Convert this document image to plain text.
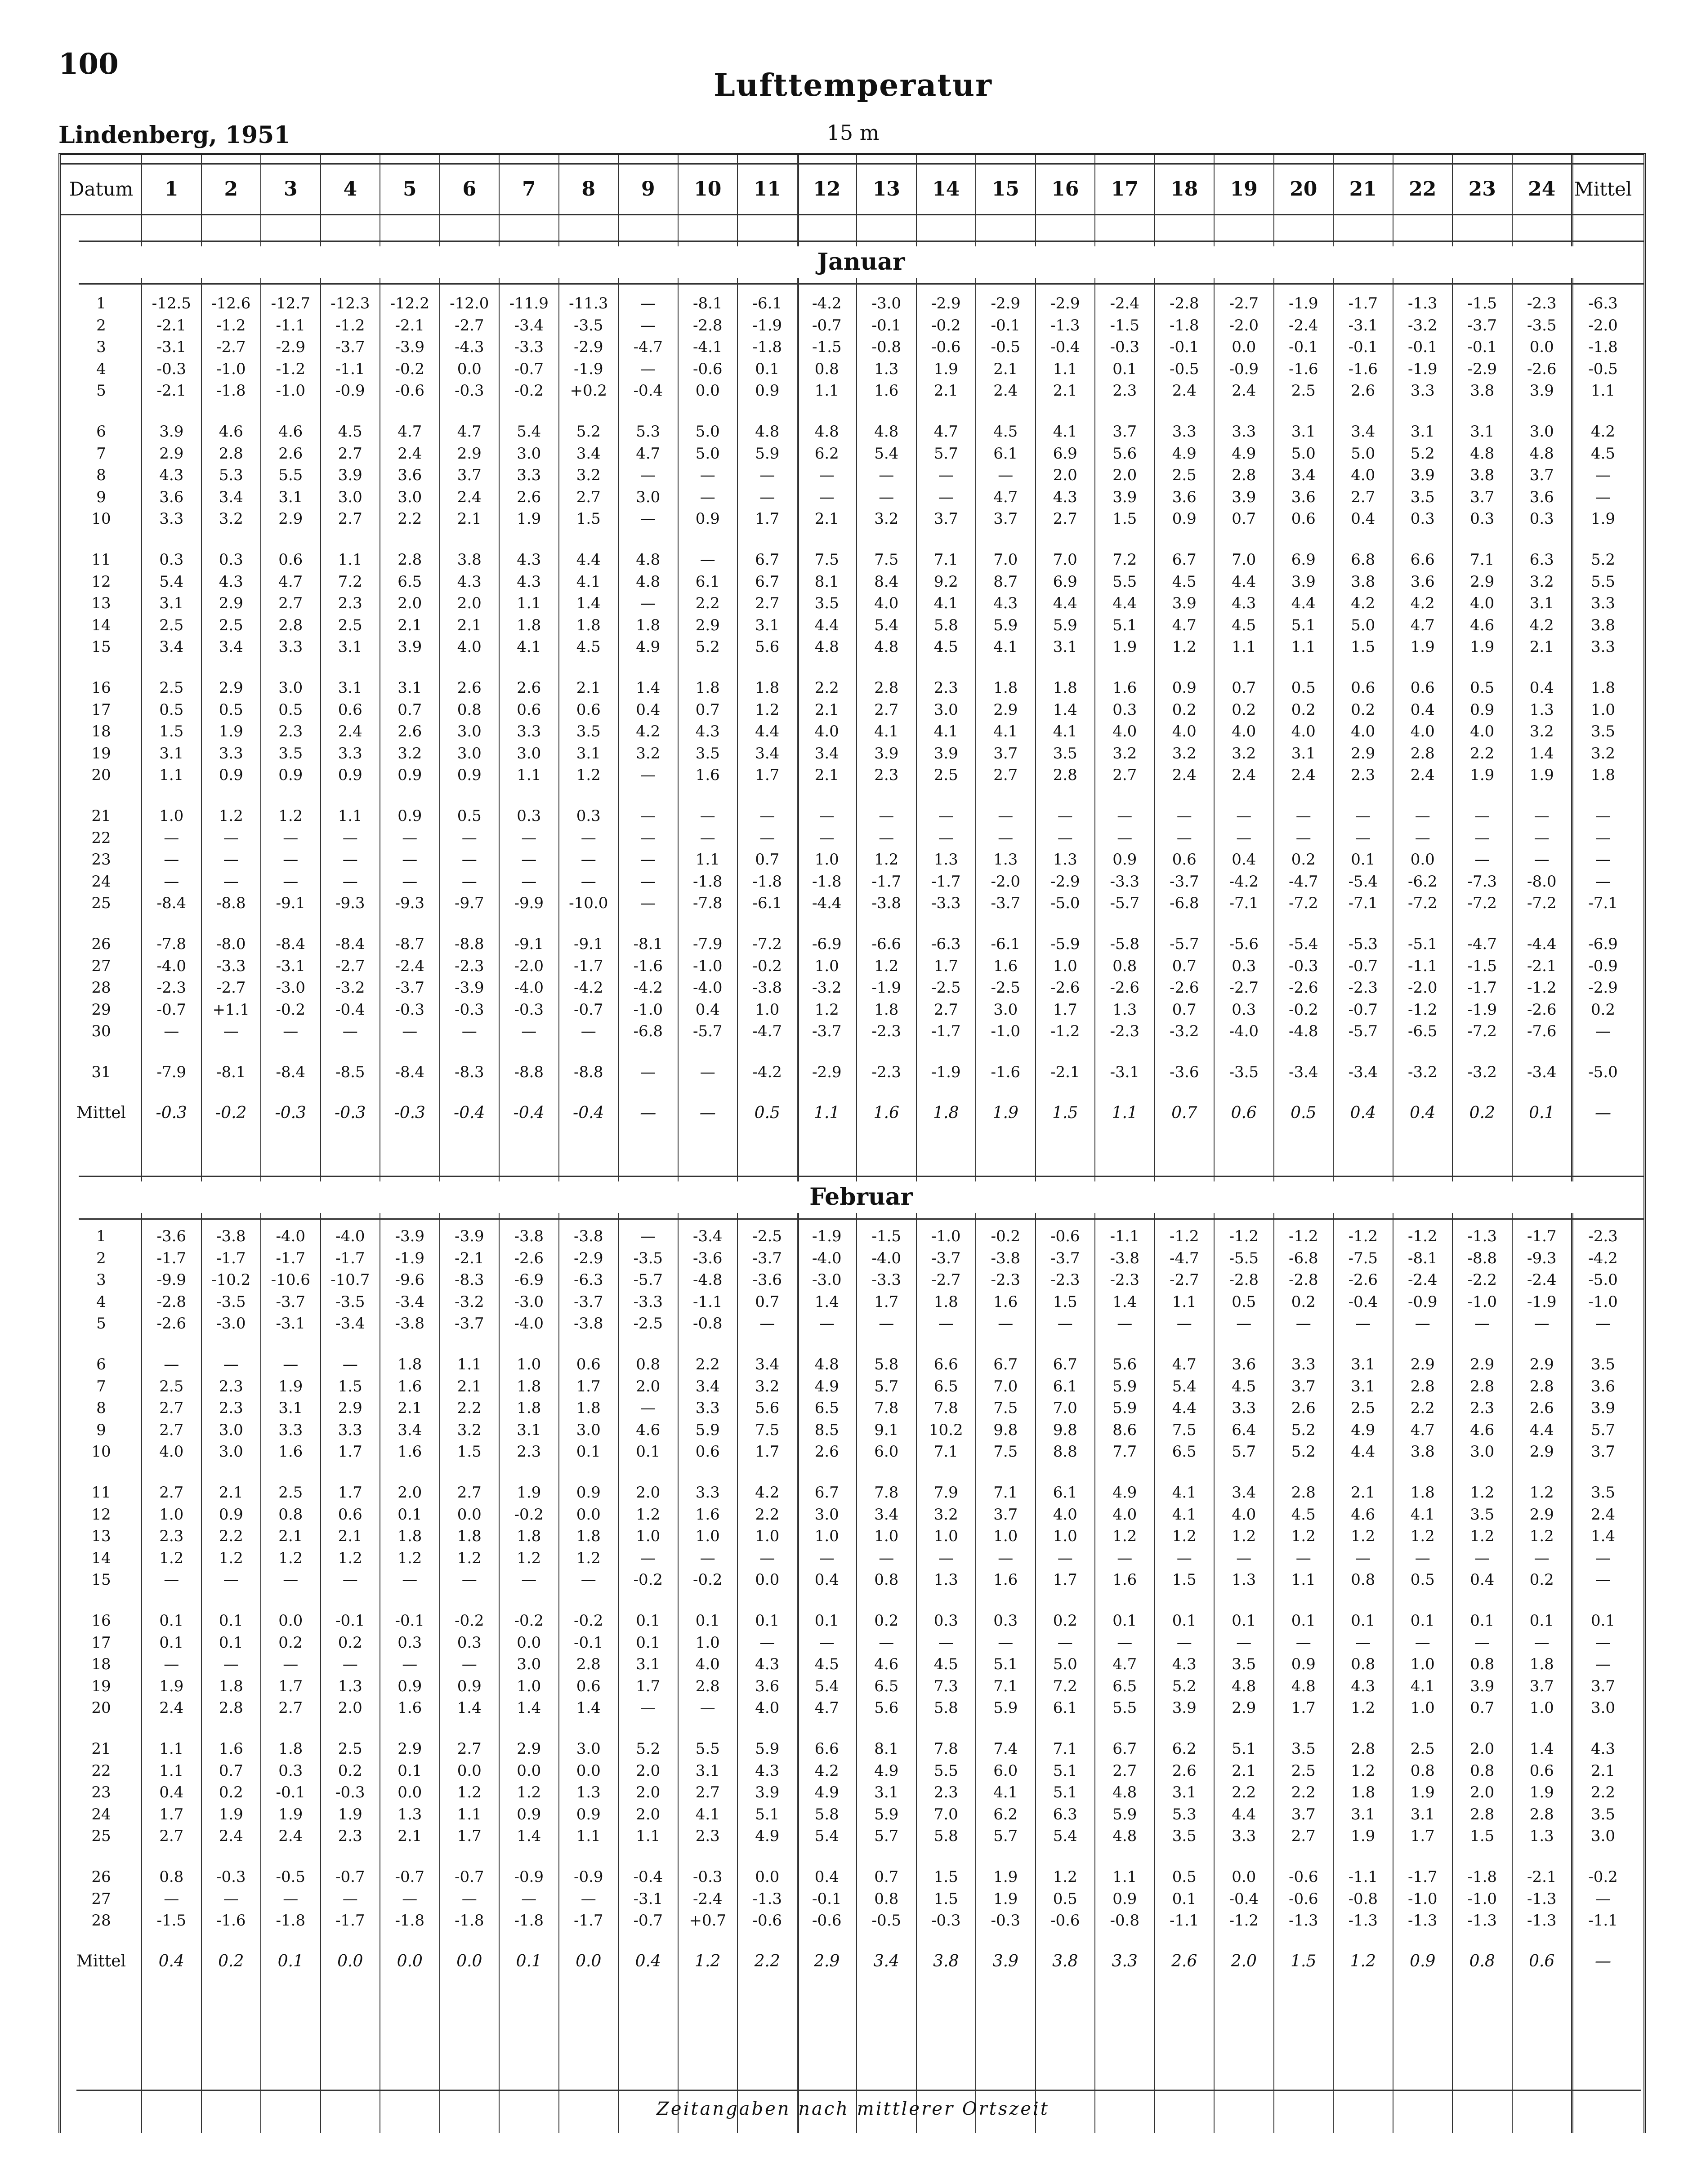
100
Lufttemperatur
Lindenberg, 1951	15 m
Datum	1	2	3	4	5	6	7	8	9	10	11	12	13	14	15	16	17	18	19	20	21	22	23	24 Mittel
Januar
1	-12.5	-12.6	-12.7	-12.3	-12.2	-12.0	-11.9	-11.3	—	-8.1	-6.1	-4.2	-3.0	-2.9	-2.9	-2.9	-2.4	-2.8	-2.7	-1.9	-1.7	-1.3	-1.5	-2.3	-6.3
2	-2.1	-1.2	-1.1	-1.2	-2.1	-2.7	-3.4	-3.5	—	-2.8	-1.9	-0.7	-0.1	-0.2	-0.1	-1.3	-1.5	-1.8	-2.0	-2.4	-3.1	-3.2	-3.7	-3.5	-2.0
3	-3.1	-2.7	-2.9	-3.7	-3.9	-4.3	-3.3	-2.9	-4.7	-4.1	-1.8	-1.5	-0.8	-0.6	-0.5	-0.4	-0.3	-0.1	0.0	-0.1	-0.1	-0.1	-0.1	0.0	-1.8
4	-0.3	-1.0	-1.2	-1.1	-0.2	0.0	-0.7	-1.9	—	-0.6	0.1	0.8	1.3	1.9	2.1	1.1	0.1	-0.5	-0.9	-1.6	-1.6	-1.9	-2.9	-2.6	-0.5
5	-2.1	-1.8	-1.0	-0.9	-0.6	-0.3	-0.2	+0.2	-0.4	0.0	0.9	1.1	1.6	2.1	2.4	2.1	2.3	2.4	2.4	2.5	2.6	3.3	3.8	3.9	1.1
6	3.9	4.6	4.6	4.5	4.7	4.7	5.4	5.2	5.3	5.0	4.8	4.8	4.8	4.7	4.5	4.1	3.7	3.3	3.3	3.1	3.4	3.1	3.1	3.0	4.2
7	2.9	2.8	2.6	2.7	2.4	2.9	3.0	3.4	4.7	5.0	5.9	6.2	5.4	5.7	6.1	6.9	5.6	4.9	4.9	5.0	5.0	5.2	4.8	4.8	4.5
8	4.3	5.3	5.5	3.9	3.6	3.7	3.3	3.2	—	—	—	—	—	—	—	2.0	2.0	2.5	2.8	3.4	4.0	3.9	3.8	3.7	—
9	3.6	3.4	3.1	3.0	3.0	2.4	2.6	2.7	3.0	—	—	—	—	—	4.7	4.3	3.9	3.6	3.9	3.6	2.7	3.5	3.7	3.6	—
10	3.3	3.2	2.9	2.7	2.2	2.1	1.9	1.5	—	0.9	1.7	2.1	3.2	3.7	3.7	2.7	1.5	0.9	0.7	0.6	0.4	0.3	0.3	0.3	1.9
11	0.3	0.3	0.6	1.1	2.8	3.8	4.3	4.4	4.8	—	6.7	7.5	7.5	7.1	7.0	7.0	7.2	6.7	7.0	6.9	6.8	6.6	7.1	6.3	5.2
12	5.4	4.3	4.7	7.2	6.5	4.3	4.3	4.1	4.8	6.1	6.7	8.1	8.4	9.2	8.7	6.9	5.5	4.5	4.4	3.9	3.8	3.6	2.9	3.2	5.5
13	3.1	2.9	2.7	2.3	2.0	2.0	1.1	1.4	—	2.2	2.7	3.5	4.0	4.1	4.3	4.4	4.4	3.9	4.3	4.4	4.2	4.2	4.0	3.1	3.3
14	2.5	2.5	2.8	2.5	2.1	2.1	1.8	1.8	1.8	2.9	3.1	4.4	5.4	5.8	5.9	5.9	5.1	4.7	4.5	5.1	5.0	4.7	4.6	4.2	3.8
15	3.4	3.4	3.3	3.1	3.9	4.0	4.1	4.5	4.9	5.2	5.6	4.8	4.8	4.5	4.1	3.1	1.9	1.2	1.1	1.1	1.5	1.9	1.9	2.1	3.3
16	2.5	2.9	3.0	3.1	3.1	2.6	2.6	2.1	1.4	1.8	1.8	2.2	2.8	2.3	1.8	1.8	1.6	0.9	0.7	0.5	0.6	0.6	0.5	0.4	1.8
17	0.5	0.5	0.5	0.6	0.7	0.8	0.6	0.6	0.4	0.7	1.2	2.1	2.7	3.0	2.9	1.4	0.3	0.2	0.2	0.2	0.2	0.4	0.9	1.3	1.0
18	1.5	1.9	2.3	2.4	2.6	3.0	3.3	3.5	4.2	4.3	4.4	4.0	4.1	4.1	4.1	4.1	4.0	4.0	4.0	4.0	4.0	4.0	4.0	3.2	3.5
19	3.1	3.3	3.5	3.3	3.2	3.0	3.0	3.1	3.2	3.5	3.4	3.4	3.9	3.9	3.7	3.5	3.2	3.2	3.2	3.1	2.9	2.8	2.2	1.4	3.2
20	1.1	0.9	0.9	0.9	0.9	0.9	1.1	1.2	—	1.6	1.7	2.1	2.3	2.5	2.7	2.8	2.7	2.4	2.4	2.4	2.3	2.4	1.9	1.9	1.8
21	1.0	1.2	1.2	1.1	0.9	0.5	0.3	0.3	—	—	—	—	—	—	—	—	—	—	—	—	—	—	—	—	—
22	—	—	—	—	—	—	—	—	—	—	—	—	—	—	—	—	—	—	—	—	—	—	—	—	—
23	—	—	—	—	—	—	—	—	—	1.1	0.7	1.0	1.2	1.3	1.3	1.3	0.9	0.6	0.4	0.2	0.1	0.0	—	—	—
24	—	—	—	—	—	—	—	—	—	-1.8	-1.8	-1.8	-1.7	-1.7	-2.0	-2.9	-3.3	-3.7	-4.2	-4.7	-5.4	-6.2	-7.3	-8.0	—
25	-8.4	-8.8	-9.1	-9.3	-9.3	-9.7	-9.9	-10.0	—	-7.8	-6.1	-4.4	-3.8	-3.3	-3.7	-5.0	-5.7	-6.8	-7.1	-7.2	-7.1	-7.2	-7.2	-7.2	-7.1
26	-7.8	-8.0	-8.4	-8.4	-8.7	-8.8	-9.1	-9.1	-8.1	-7.9	-7.2	-6.9	-6.6	-6.3	-6.1	-5.9	-5.8	-5.7	-5.6	-5.4	-5.3	-5.1	-4.7	-4.4	-6.9
27	-4.0	-3.3	-3.1	-2.7	-2.4	-2.3	-2.0	-1.7	-1.6	-1.0	-0.2	1.0	1.2	1.7	1.6	1.0	0.8	0.7	0.3	-0.3	-0.7	-1.1	-1.5	-2.1	-0.9
28	-2.3	-2.7	-3.0	-3.2	-3.7	-3.9	-4.0	-4.2	-4.2	-4.0	-3.8	-3.2	-1.9	-2.5	-2.5	-2.6	-2.6	-2.6	-2.7	-2.6	-2.3	-2.0	-1.7	-1.2	-2.9
29	-0.7	+1.1	-0.2	-0.4	-0.3	-0.3	-0.3	-0.7	-1.0	0.4	1.0	1.2	1.8	2.7	3.0	1.7	1.3	0.7	0.3	-0.2	-0.7	-1.2	-1.9	-2.6	0.2
30	—	—	—	—	—	—	—	—	-6.8	-5.7	-4.7	-3.7	-2.3	-1.7	-1.0	-1.2	-2.3	-3.2	-4.0	-4.8	-5.7	-6.5	-7.2	-7.6	—
31	-7.9	-8.1	-8.4	-8.5	-8.4	-8.3	-8.8	-8.8	—	—	-4.2	-2.9	-2.3	-1.9	-1.6	-2.1	-3.1	-3.6	-3.5	-3.4	-3.4	-3.2	-3.2	-3.4	-5.0
Mittel	-0.3	-0.2	-0.3	-0.3	-0.3	-0.4	-0.4	-0.4	—	—	0.5	1.1	1.6	1.8	1.9	1.5	1.1	0.7	0.6	0.5	0.4	0.4	0.2	0.1	—
Februar
1	-3.6	-3.8	-4.0	-4.0	-3.9	-3.9	-3.8	-3.8	—	-3.4	-2.5	-1.9	-1.5	-1.0	-0.2	-0.6	-1.1	-1.2	-1.2	-1.2	-1.2	-1.2	-1.3	-1.7	-2.3
2	-1.7	-1.7	-1.7	-1.7	-1.9	-2.1	-2.6	-2.9	-3.5	-3.6	-3.7	-4.0	-4.0	-3.7	-3.8	-3.7	-3.8	-4.7	-5.5	-6.8	-7.5	-8.1	-8.8	-9.3	-4.2
3	-9.9	-10.2	-10.6	-10.7	-9.6	-8.3	-6.9	-6.3	-5.7	-4.8	-3.6	-3.0	-3.3	-2.7	-2.3	-2.3	-2.3	-2.7	-2.8	-2.8	-2.6	-2.4	-2.2	-2.4	-5.0
4	-2.8	-3.5	-3.7	-3.5	-3.4	-3.2	-3.0	-3.7	-3.3	-1.1	0.7	1.4	1.7	1.8	1.6	1.5	1.4	1.1	0.5	0.2	-0.4	-0.9	-1.0	-1.9	-1.0
5	-2.6	-3.0	-3.1	-3.4	-3.8	-3.7	-4.0	-3.8	-2.5	-0.8	—	—	—	—	—	—	—	—	—	—	—	—	—	—	—
6	—	—	—	—	1.8	1.1	1.0	0.6	0.8	2.2	3.4	4.8	5.8	6.6	6.7	6.7	5.6	4.7	3.6	3.3	3.1	2.9	2.9	2.9	3.5
7	2.5	2.3	1.9	1.5	1.6	2.1	1.8	1.7	2.0	3.4	3.2	4.9	5.7	6.5	7.0	6.1	5.9	5.4	4.5	3.7	3.1	2.8	2.8	2.8	3.6
8	2.7	2.3	3.1	2.9	2.1	2.2	1.8	1.8	—	3.3	5.6	6.5	7.8	7.8	7.5	7.0	5.9	4.4	3.3	2.6	2.5	2.2	2.3	2.6	3.9
9	2.7	3.0	3.3	3.3	3.4	3.2	3.1	3.0	4.6	5.9	7.5	8.5	9.1	10.2	9.8	9.8	8.6	7.5	6.4	5.2	4.9	4.7	4.6	4.4	5.7
10	4.0	3.0	1.6	1.7	1.6	1.5	2.3	0.1	0.1	0.6	1.7	2.6	6.0	7.1	7.5	8.8	7.7	6.5	5.7	5.2	4.4	3.8	3.0	2.9	3.7
11	2.7	2.1	2.5	1.7	2.0	2.7	1.9	0.9	2.0	3.3	4.2	6.7	7.8	7.9	7.1	6.1	4.9	4.1	3.4	2.8	2.1	1.8	1.2	1.2	3.5
12	1.0	0.9	0.8	0.6	0.1	0.0	-0.2	0.0	1.2	1.6	2.2	3.0	3.4	3.2	3.7	4.0	4.0	4.1	4.0	4.5	4.6	4.1	3.5	2.9	2.4
13	2.3	2.2	2.1	2.1	1.8	1.8	1.8	1.8	1.0	1.0	1.0	1.0	1.0	1.0	1.0	1.0	1.2	1.2	1.2	1.2	1.2	1.2	1.2	1.2	1.4
14	1.2	1.2	1.2	1.2	1.2	1.2	1.2	1.2	—	—	—	—	—	—	—	—	—	—	—	—	—	—	—	—	—
15	—	—	—	—	—	—	—	—	-0.2	-0.2	0.0	0.4	0.8	1.3	1.6	1.7	1.6	1.5	1.3	1.1	0.8	0.5	0.4	0.2	—
16	0.1	0.1	0.0	-0.1	-0.1	-0.2	-0.2	-0.2	0.1	0.1	0.1	0.1	0.2	0.3	0.3	0.2	0.1	0.1	0.1	0.1	0.1	0.1	0.1	0.1	0.1
17	0.1	0.1	0.2	0.2	0.3	0.3	0.0	-0.1	0.1	1.0	—	—	—	—	—	—	—	—	—	—	—	—	—	—	—
18	—	—	—	—	—	—	3.0	2.8	3.1	4.0	4.3	4.5	4.6	4.5	5.1	5.0	4.7	4.3	3.5	0.9	0.8	1.0	0.8	1.8	—
19	1.9	1.8	1.7	1.3	0.9	0.9	1.0	0.6	1.7	2.8	3.6	5.4	6.5	7.3	7.1	7.2	6.5	5.2	4.8	4.8	4.3	4.1	3.9	3.7	3.7
20	2.4	2.8	2.7	2.0	1.6	1.4	1.4	1.4	—	—	4.0	4.7	5.6	5.8	5.9	6.1	5.5	3.9	2.9	1.7	1.2	1.0	0.7	1.0	3.0
21	1.1	1.6	1.8	2.5	2.9	2.7	2.9	3.0	5.2	5.5	5.9	6.6	8.1	7.8	7.4	7.1	6.7	6.2	5.1	3.5	2.8	2.5	2.0	1.4	4.3
22	1.1	0.7	0.3	0.2	0.1	0.0	0.0	0.0	2.0	3.1	4.3	4.2	4.9	5.5	6.0	5.1	2.7	2.6	2.1	2.5	1.2	0.8	0.8	0.6	2.1
23	0.4	0.2	-0.1	-0.3	0.0	1.2	1.2	1.3	2.0	2.7	3.9	4.9	3.1	2.3	4.1	5.1	4.8	3.1	2.2	2.2	1.8	1.9	2.0	1.9	2.2
24	1.7	1.9	1.9	1.9	1.3	1.1	0.9	0.9	2.0	4.1	5.1	5.8	5.9	7.0	6.2	6.3	5.9	5.3	4.4	3.7	3.1	3.1	2.8	2.8	3.5
25	2.7	2.4	2.4	2.3	2.1	1.7	1.4	1.1	1.1	2.3	4.9	5.4	5.7	5.8	5.7	5.4	4.8	3.5	3.3	2.7	1.9	1.7	1.5	1.3	3.0
26	0.8	-0.3	-0.5	-0.7	-0.7	-0.7	-0.9	-0.9	-0.4	-0.3	0.0	0.4	0.7	1.5	1.9	1.2	1.1	0.5	0.0	-0.6	-1.1	-1.7	-1.8	-2.1	-0.2
27	—	—	—	—	—	—	—	—	-3.1	-2.4	-1.3	-0.1	0.8	1.5	1.9	0.5	0.9	0.1	-0.4	-0.6	-0.8	-1.0	-1.0	-1.3	—
28	-1.5	-1.6	-1.8	-1.7	-1.8	-1.8	-1.8	-1.7	-0.7	+0.7	-0.6	-0.6	-0.5	-0.3	-0.3	-0.6	-0.8	-1.1	-1.2	-1.3	-1.3	-1.3	-1.3	-1.3	-1.1
Mittel	0.4	0.2	0.1	0.0	0.0	0.0	0.1	0.0	0.4	1.2	2.2	2.9	3.4	3.8	3.9	3.8	3.3	2.6	2.0	1.5	1.2	0.9	0.8	0.6	—
Zeitangaben nach mittlerer Ortszeit
